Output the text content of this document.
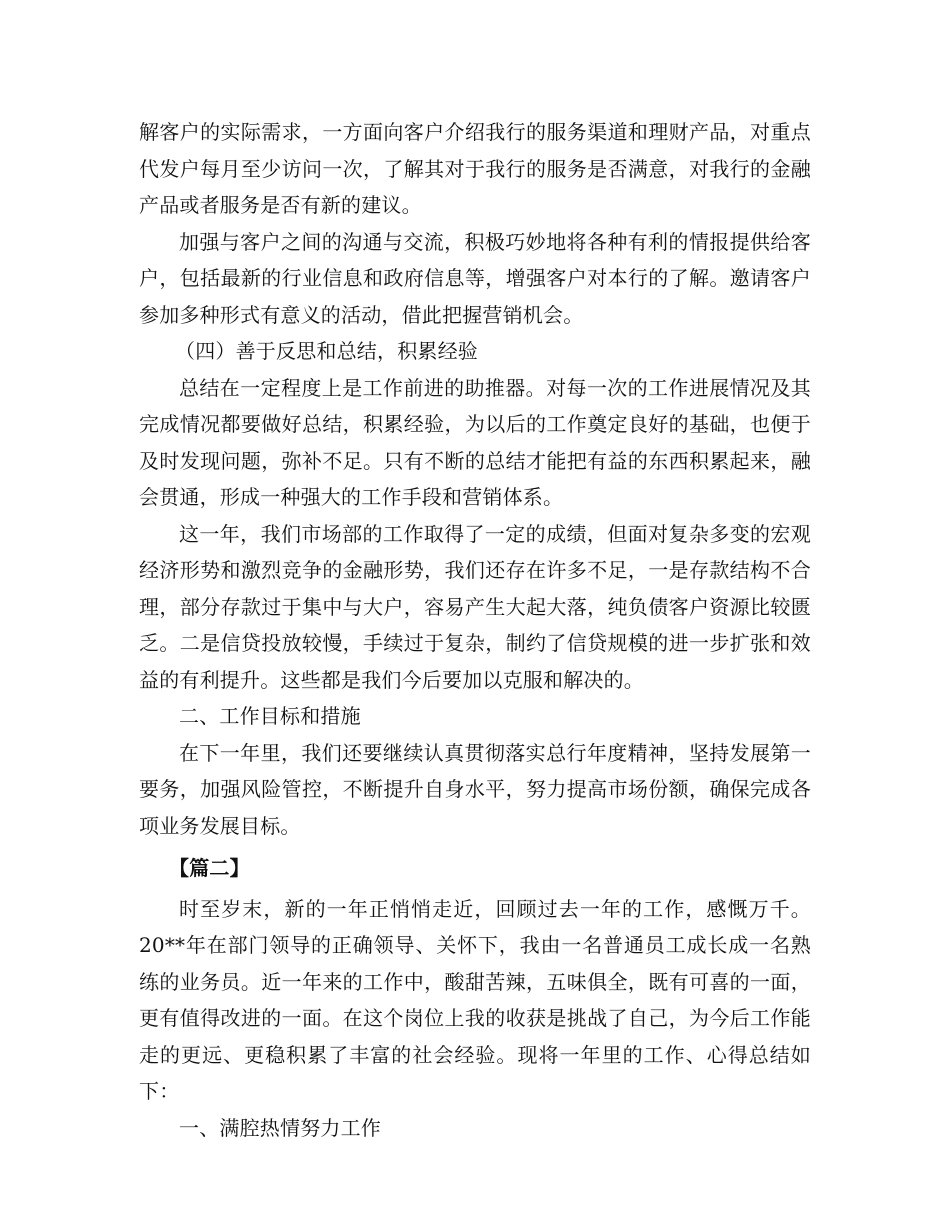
解客户的实际需求，一方面向客户介绍我行的服务渠道和理财产品，对重点代发户每月至少访问一次，了解其对于我行的服务是否满意，对我行的金融产品或者服务是否有新的建议。

加强与客户之间的沟通与交流，积极巧妙地将各种有利的情报提供给客户，包括最新的行业信息和政府信息等，增强客户对本行的了解。邀请客户参加多种形式有意义的活动，借此把握营销机会。

（四）善于反思和总结，积累经验

总结在一定程度上是工作前进的助推器。对每一次的工作进展情况及其完成情况都要做好总结，积累经验，为以后的工作奠定良好的基础，也便于及时发现问题，弥补不足。只有不断的总结才能把有益的东西积累起来，融会贯通，形成一种强大的工作手段和营销体系。

这一年，我们市场部的工作取得了一定的成绩，但面对复杂多变的宏观经济形势和激烈竞争的金融形势，我们还存在许多不足，一是存款结构不合理，部分存款过于集中与大户，容易产生大起大落，纯负债客户资源比较匮乏。二是信贷投放较慢，手续过于复杂，制约了信贷规模的进一步扩张和效益的有利提升。这些都是我们今后要加以克服和解决的。

二、工作目标和措施

在下一年里，我们还要继续认真贯彻落实总行年度精神，坚持发展第一要务，加强风险管控，不断提升自身水平，努力提高市场份额，确保完成各项业务发展目标。

【篇二】

时至岁末，新的一年正悄悄走近，回顾过去一年的工作，感慨万千。20**年在部门领导的正确领导、关怀下，我由一名普通员工成长成一名熟练的业务员。近一年来的工作中，酸甜苦辣，五味俱全，既有可喜的一面，更有值得改进的一面。在这个岗位上我的收获是挑战了自己，为今后工作能走的更远、更稳积累了丰富的社会经验。现将一年里的工作、心得总结如下：

一、满腔热情努力工作
